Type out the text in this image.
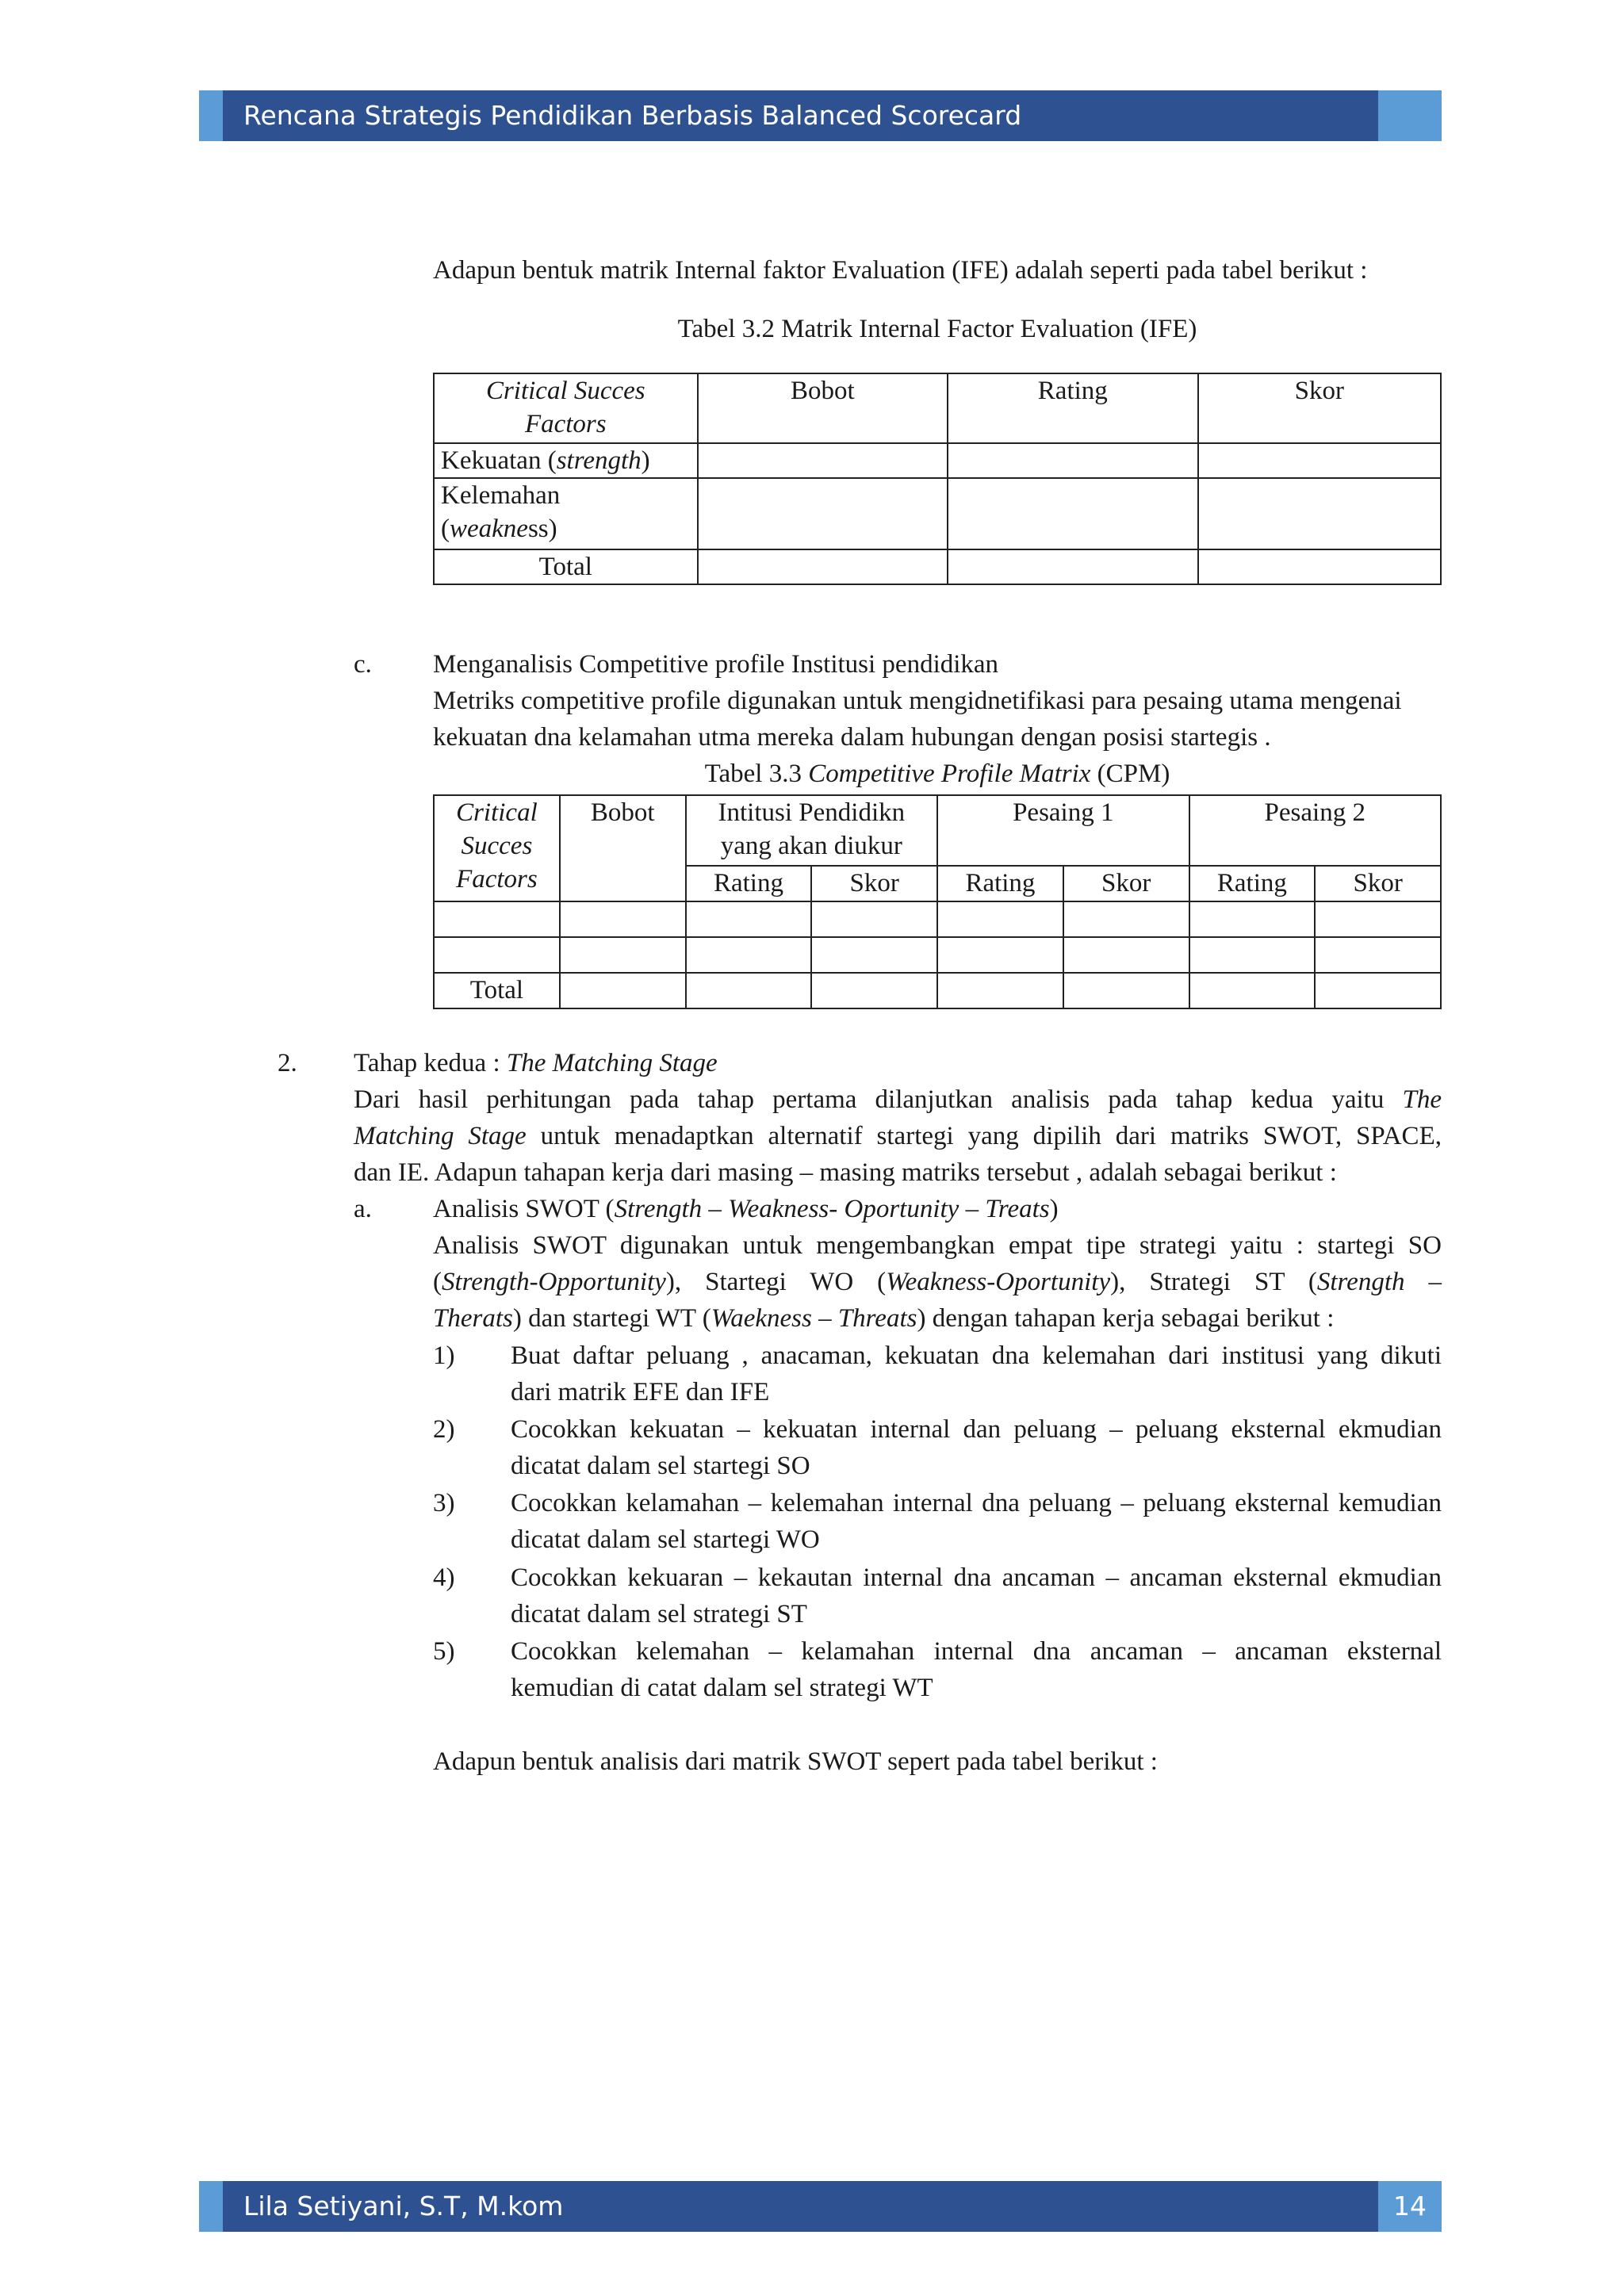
Rencana Strategis Pendidikan Berbasis Balanced Scorecard

Adapun bentuk matrik Internal faktor Evaluation (IFE) adalah seperti pada tabel berikut :

Tabel 3.2 Matrik Internal Factor Evaluation (IFE)

Critical Succes
Factors	Bobot	Rating	Skor
Kekuatan (strength)			
Kelemahan
(weakness)			
Total			
c. Menganalisis Competitive profile Institusi pendidikan

Metriks competitive profile digunakan untuk mengidnetifikasi para pesaing utama mengenai

kekuatan dna kelamahan utma mereka dalam hubungan dengan posisi startegis .

Tabel 3.3 Competitive Profile Matrix (CPM)

Critical
Succes
Factors	Bobot	Intitusi Pendidikn
yang akan diukur		Pesaing 1		Pesaing 2	
		Rating	Skor	Rating	Skor	Rating	Skor

Total							
2. Tahap kedua : The Matching Stage

Dari hasil perhitungan pada tahap pertama dilanjutkan analisis pada tahap kedua yaitu The

Matching Stage untuk menadaptkan alternatif startegi yang dipilih dari matriks SWOT, SPACE,

dan IE. Adapun tahapan kerja dari masing – masing matriks tersebut , adalah sebagai berikut :

a. Analisis SWOT (Strength – Weakness- Oportunity – Treats)

Analisis SWOT digunakan untuk mengembangkan empat tipe strategi yaitu : startegi SO

(Strength-Opportunity), Startegi WO (Weakness-Oportunity), Strategi ST (Strength –

Therats) dan startegi WT (Waekness – Threats) dengan tahapan kerja sebagai berikut :

1) Buat daftar peluang , anacaman, kekuatan dna kelemahan dari institusi yang dikuti

dari matrik EFE dan IFE

2) Cocokkan kekuatan – kekuatan internal dan peluang – peluang eksternal ekmudian

dicatat dalam sel startegi SO

3) Cocokkan kelamahan – kelemahan internal dna peluang – peluang eksternal kemudian

dicatat dalam sel startegi WO

4) Cocokkan kekuaran – kekautan internal dna ancaman – ancaman eksternal ekmudian

dicatat dalam sel strategi ST

5) Cocokkan kelemahan – kelamahan internal dna ancaman – ancaman eksternal

kemudian di catat dalam sel strategi WT

Adapun bentuk analisis dari matrik SWOT sepert pada tabel berikut :

Lila Setiyani, S.T, M.kom	14
